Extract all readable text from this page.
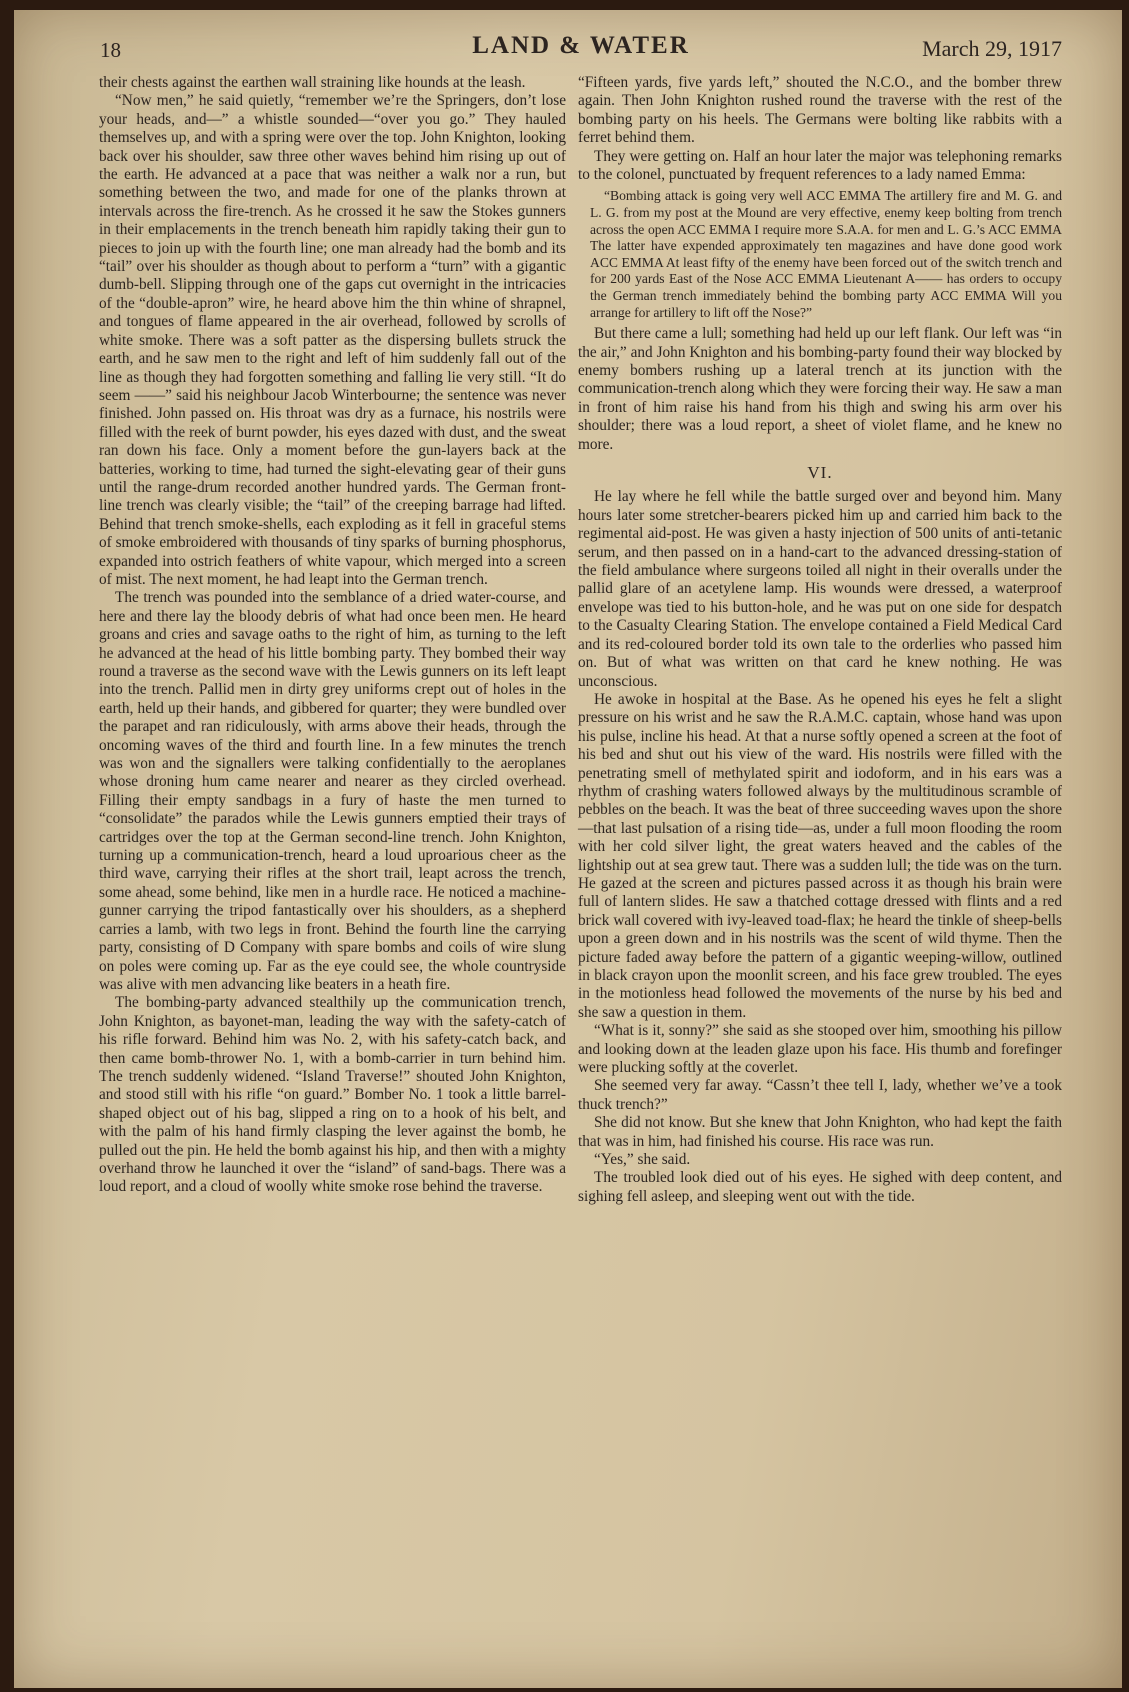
18	LAND & WATER	March 29, 1917

their chests against the earthen wall straining like hounds at the leash.

“Now men,” he said quietly, “remember we’re the Springers, don’t lose your heads, and—” a whistle sounded—“over you go.” They hauled themselves up, and with a spring were over the top. John Knighton, looking back over his shoulder, saw three other waves behind him rising up out of the earth. He advanced at a pace that was neither a walk nor a run, but something between the two, and made for one of the planks thrown at intervals across the fire-trench. As he crossed it he saw the Stokes gunners in their emplacements in the trench beneath him rapidly taking their gun to pieces to join up with the fourth line; one man already had the bomb and its “tail” over his shoulder as though about to perform a “turn” with a gigantic dumb-bell. Slipping through one of the gaps cut overnight in the intricacies of the “double-apron” wire, he heard above him the thin whine of shrapnel, and tongues of flame appeared in the air overhead, followed by scrolls of white smoke. There was a soft patter as the dispersing bullets struck the earth, and he saw men to the right and left of him suddenly fall out of the line as though they had forgotten something and falling lie very still. “It do seem ——” said his neighbour Jacob Winterbourne; the sentence was never finished. John passed on. His throat was dry as a furnace, his nostrils were filled with the reek of burnt powder, his eyes dazed with dust, and the sweat ran down his face. Only a moment before the gun-layers back at the batteries, working to time, had turned the sight-elevating gear of their guns until the range-drum recorded another hundred yards. The German front-line trench was clearly visible; the “tail” of the creeping barrage had lifted. Behind that trench smoke-shells, each exploding as it fell in graceful stems of smoke embroidered with thousands of tiny sparks of burning phosphorus, expanded into ostrich feathers of white vapour, which merged into a screen of mist. The next moment, he had leapt into the German trench.

The trench was pounded into the semblance of a dried water-course, and here and there lay the bloody debris of what had once been men. He heard groans and cries and savage oaths to the right of him, as turning to the left he advanced at the head of his little bombing party. They bombed their way round a traverse as the second wave with the Lewis gunners on its left leapt into the trench. Pallid men in dirty grey uniforms crept out of holes in the earth, held up their hands, and gibbered for quarter; they were bundled over the parapet and ran ridiculously, with arms above their heads, through the oncoming waves of the third and fourth line. In a few minutes the trench was won and the signallers were talking confidentially to the aeroplanes whose droning hum came nearer and nearer as they circled overhead. Filling their empty sandbags in a fury of haste the men turned to “consolidate” the parados while the Lewis gunners emptied their trays of cartridges over the top at the German second-line trench. John Knighton, turning up a communication-trench, heard a loud uproarious cheer as the third wave, carrying their rifles at the short trail, leapt across the trench, some ahead, some behind, like men in a hurdle race. He noticed a machine-gunner carrying the tripod fantastically over his shoulders, as a shepherd carries a lamb, with two legs in front. Behind the fourth line the carrying party, consisting of D Company with spare bombs and coils of wire slung on poles were coming up. Far as the eye could see, the whole countryside was alive with men advancing like beaters in a heath fire.

The bombing-party advanced stealthily up the communication trench, John Knighton, as bayonet-man, leading the way with the safety-catch of his rifle forward. Behind him was No. 2, with his safety-catch back, and then came bomb-thrower No. 1, with a bomb-carrier in turn behind him. The trench suddenly widened. “Island Traverse!” shouted John Knighton, and stood still with his rifle “on guard.” Bomber No. 1 took a little barrel-shaped object out of his bag, slipped a ring on to a hook of his belt, and with the palm of his hand firmly clasping the lever against the bomb, he pulled out the pin. He held the bomb against his hip, and then with a mighty overhand throw he launched it over the “island” of sand-bags. There was a loud report, and a cloud of woolly white smoke rose behind the traverse.

“Fifteen yards, five yards left,” shouted the N.C.O., and the bomber threw again. Then John Knighton rushed round the traverse with the rest of the bombing party on his heels. The Germans were bolting like rabbits with a ferret behind them.

They were getting on. Half an hour later the major was telephoning remarks to the colonel, punctuated by frequent references to a lady named Emma:

“Bombing attack is going very well ACC EMMA The artillery fire and M. G. and L. G. from my post at the Mound are very effective, enemy keep bolting from trench across the open ACC EMMA I require more S.A.A. for men and L. G.’s ACC EMMA The latter have expended approximately ten magazines and have done good work ACC EMMA At least fifty of the enemy have been forced out of the switch trench and for 200 yards East of the Nose ACC EMMA Lieutenant A—— has orders to occupy the German trench immediately behind the bombing party ACC EMMA Will you arrange for artillery to lift off the Nose?”

But there came a lull; something had held up our left flank. Our left was “in the air,” and John Knighton and his bombing-party found their way blocked by enemy bombers rushing up a lateral trench at its junction with the communication-trench along which they were forcing their way. He saw a man in front of him raise his hand from his thigh and swing his arm over his shoulder; there was a loud report, a sheet of violet flame, and he knew no more.

VI.

He lay where he fell while the battle surged over and beyond him. Many hours later some stretcher-bearers picked him up and carried him back to the regimental aid-post. He was given a hasty injection of 500 units of anti-tetanic serum, and then passed on in a hand-cart to the advanced dressing-station of the field ambulance where surgeons toiled all night in their overalls under the pallid glare of an acetylene lamp. His wounds were dressed, a waterproof envelope was tied to his button-hole, and he was put on one side for despatch to the Casualty Clearing Station. The envelope contained a Field Medical Card and its red-coloured border told its own tale to the orderlies who passed him on. But of what was written on that card he knew nothing. He was unconscious.

He awoke in hospital at the Base. As he opened his eyes he felt a slight pressure on his wrist and he saw the R.A.M.C. captain, whose hand was upon his pulse, incline his head. At that a nurse softly opened a screen at the foot of his bed and shut out his view of the ward. His nostrils were filled with the penetrating smell of methylated spirit and iodoform, and in his ears was a rhythm of crashing waters followed always by the multitudinous scramble of pebbles on the beach. It was the beat of three succeeding waves upon the shore—that last pulsation of a rising tide—as, under a full moon flooding the room with her cold silver light, the great waters heaved and the cables of the lightship out at sea grew taut. There was a sudden lull; the tide was on the turn. He gazed at the screen and pictures passed across it as though his brain were full of lantern slides. He saw a thatched cottage dressed with flints and a red brick wall covered with ivy-leaved toad-flax; he heard the tinkle of sheep-bells upon a green down and in his nostrils was the scent of wild thyme. Then the picture faded away before the pattern of a gigantic weeping-willow, outlined in black crayon upon the moonlit screen, and his face grew troubled. The eyes in the motionless head followed the movements of the nurse by his bed and she saw a question in them.

“What is it, sonny?” she said as she stooped over him, smoothing his pillow and looking down at the leaden glaze upon his face. His thumb and forefinger were plucking softly at the coverlet.

She seemed very far away. “Cassn’t thee tell I, lady, whether we’ve a took thuck trench?”

She did not know. But she knew that John Knighton, who had kept the faith that was in him, had finished his course. His race was run.

“Yes,” she said.

The troubled look died out of his eyes. He sighed with deep content, and sighing fell asleep, and sleeping went out with the tide.
